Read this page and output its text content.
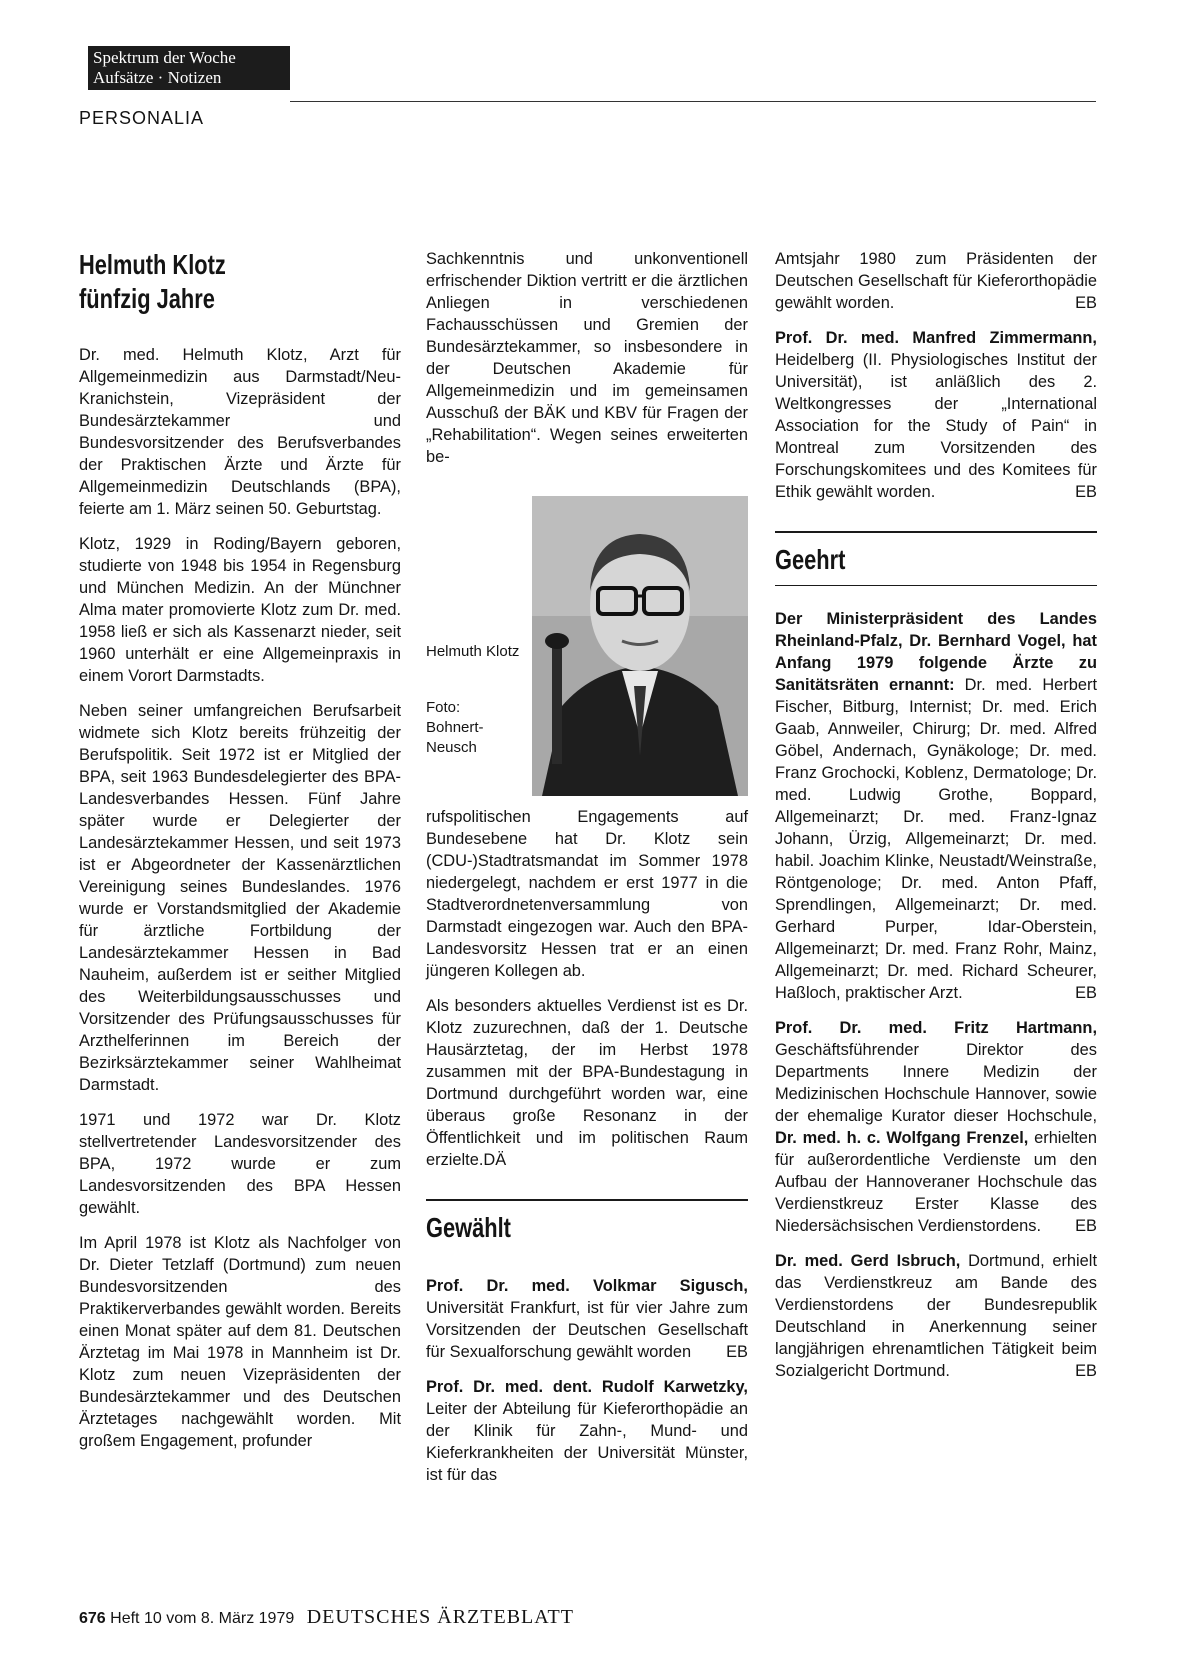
Spektrum der Woche
Aufsätze · Notizen
PERSONALIA
Helmuth Klotz
fünfzig Jahre

Dr. med. Helmuth Klotz, Arzt für Allgemeinmedizin aus Darmstadt/Neu-Kranichstein, Vizepräsident der Bundesärztekammer und Bundesvorsitzender des Berufsverbandes der Praktischen Ärzte und Ärzte für Allgemeinmedizin Deutschlands (BPA), feierte am 1. März seinen 50. Geburtstag.

Klotz, 1929 in Roding/Bayern geboren, studierte von 1948 bis 1954 in Regensburg und München Medizin. An der Münchner Alma mater promovierte Klotz zum Dr. med. 1958 ließ er sich als Kassenarzt nieder, seit 1960 unterhält er eine Allgemeinpraxis in einem Vorort Darmstadts.

Neben seiner umfangreichen Berufsarbeit widmete sich Klotz bereits frühzeitig der Berufspolitik. Seit 1972 ist er Mitglied der BPA, seit 1963 Bundesdelegierter des BPA-Landesverbandes Hessen. Fünf Jahre später wurde er Delegierter der Landesärztekammer Hessen, und seit 1973 ist er Abgeordneter der Kassenärztlichen Vereinigung seines Bundeslandes. 1976 wurde er Vorstandsmitglied der Akademie für ärztliche Fortbildung der Landesärztekammer Hessen in Bad Nauheim, außerdem ist er seither Mitglied des Weiterbildungsausschusses und Vorsitzender des Prüfungsausschusses für Arzthelferinnen im Bereich der Bezirksärztekammer seiner Wahlheimat Darmstadt.

1971 und 1972 war Dr. Klotz stellvertretender Landesvorsitzender des BPA, 1972 wurde er zum Landesvorsitzenden des BPA Hessen gewählt.

Im April 1978 ist Klotz als Nachfolger von Dr. Dieter Tetzlaff (Dortmund) zum neuen Bundesvorsitzenden des Praktikerverbandes gewählt worden. Bereits einen Monat später auf dem 81. Deutschen Ärztetag im Mai 1978 in Mannheim ist Dr. Klotz zum neuen Vizepräsidenten der Bundesärztekammer und des Deutschen Ärztetages nachgewählt worden. Mit großem Engagement, profunder

Sachkenntnis und unkonventionell erfrischender Diktion vertritt er die ärztlichen Anliegen in verschiedenen Fachausschüssen und Gremien der Bundesärztekammer, so insbesondere in der Deutschen Akademie für Allgemeinmedizin und im gemeinsamen Ausschuß der BÄK und KBV für Fragen der „Rehabilitation“. Wegen seines erweiterten be-

Helmuth Klotz
Foto: Bohnert-Neusch

rufspolitischen Engagements auf Bundesebene hat Dr. Klotz sein (CDU-)Stadtratsmandat im Sommer 1978 niedergelegt, nachdem er erst 1977 in die Stadtverordnetenversammlung von Darmstadt eingezogen war. Auch den BPA-Landesvorsitz Hessen trat er an einen jüngeren Kollegen ab.

Als besonders aktuelles Verdienst ist es Dr. Klotz zuzurechnen, daß der 1. Deutsche Hausärztetag, der im Herbst 1978 zusammen mit der BPA-Bundestagung in Dortmund durchgeführt worden war, eine überaus große Resonanz in der Öffentlichkeit und im politischen Raum erzielte.DÄ

Gewählt

Prof. Dr. med. Volkmar Sigusch, Universität Frankfurt, ist für vier Jahre zum Vorsitzenden der Deutschen Gesellschaft für Sexualforschung gewählt worden EB

Prof. Dr. med. dent. Rudolf Karwetzky, Leiter der Abteilung für Kieferorthopädie an der Klinik für Zahn-, Mund- und Kieferkrankheiten der Universität Münster, ist für das

Amtsjahr 1980 zum Präsidenten der Deutschen Gesellschaft für Kieferorthopädie gewählt worden.	EB

Prof. Dr. med. Manfred Zimmermann, Heidelberg (II. Physiologisches Institut der Universität), ist anläßlich des 2. Weltkongresses der „International Association for the Study of Pain“ in Montreal zum Vorsitzenden des Forschungskomitees und des Komitees für Ethik gewählt worden.	EB

Geehrt

Der Ministerpräsident des Landes Rheinland-Pfalz, Dr. Bernhard Vogel, hat Anfang 1979 folgende Ärzte zu Sanitätsräten ernannt: Dr. med. Herbert Fischer, Bitburg, Internist; Dr. med. Erich Gaab, Annweiler, Chirurg; Dr. med. Alfred Göbel, Andernach, Gynäkologe; Dr. med. Franz Grochocki, Koblenz, Dermatologe; Dr. med. Ludwig Grothe, Boppard, Allgemeinarzt; Dr. med. Franz-Ignaz Johann, Ürzig, Allgemeinarzt; Dr. med. habil. Joachim Klinke, Neustadt/Weinstraße, Röntgenologe; Dr. med. Anton Pfaff, Sprendlingen, Allgemeinarzt; Dr. med. Gerhard Purper, Idar-Oberstein, Allgemeinarzt; Dr. med. Franz Rohr, Mainz, Allgemeinarzt; Dr. med. Richard Scheurer, Haßloch, praktischer Arzt.	EB

Prof. Dr. med. Fritz Hartmann, Geschäftsführender Direktor des Departments Innere Medizin der Medizinischen Hochschule Hannover, sowie der ehemalige Kurator dieser Hochschule, Dr. med. h. c. Wolfgang Frenzel, erhielten für außerordentliche Verdienste um den Aufbau der Hannoveraner Hochschule das Verdienstkreuz Erster Klasse des Niedersächsischen Verdienstordens. EB

Dr. med. Gerd Isbruch, Dortmund, erhielt das Verdienstkreuz am Bande des Verdienstordens der Bundesrepublik Deutschland in Anerkennung seiner langjährigen ehrenamtlichen Tätigkeit beim Sozialgericht Dortmund.	EB

676 Heft 10 vom 8. März 1979 DEUTSCHES ÄRZTEBLATT
